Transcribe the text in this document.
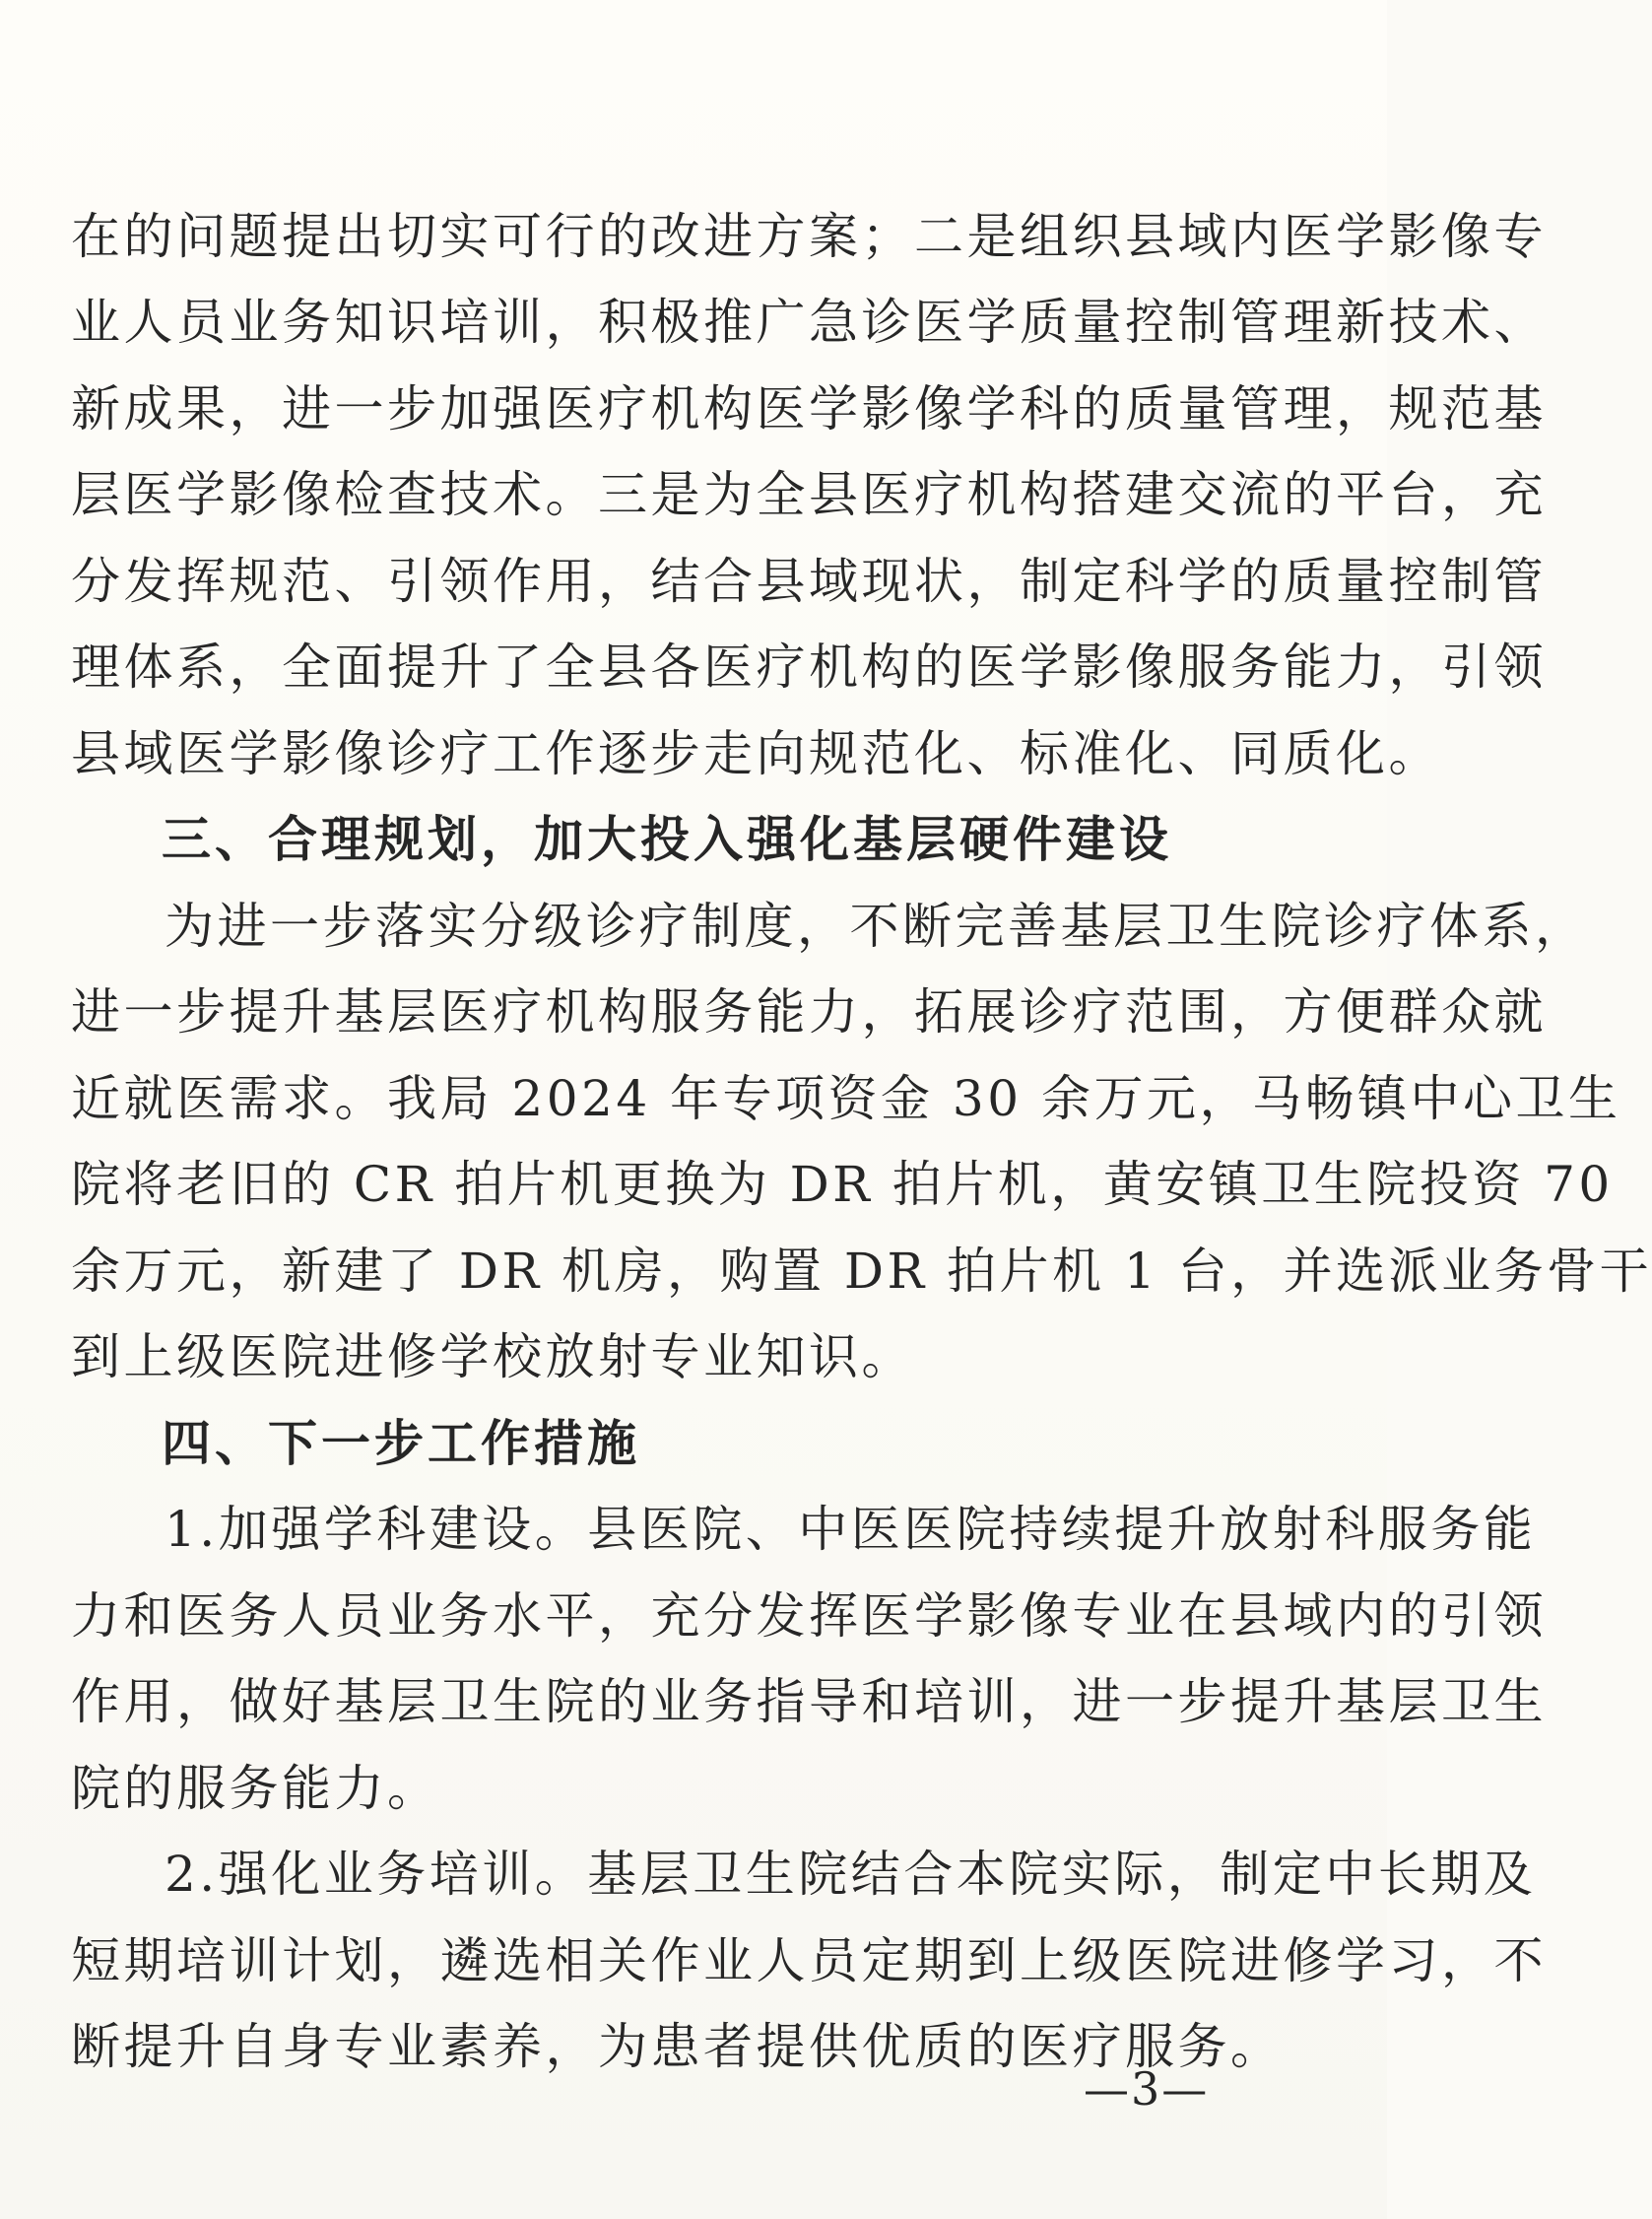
在的问题提出切实可行的改进方案；二是组织县域内医学影像专
业人员业务知识培训，积极推广急诊医学质量控制管理新技术、
新成果，进一步加强医疗机构医学影像学科的质量管理，规范基
层医学影像检查技术。三是为全县医疗机构搭建交流的平台，充
分发挥规范、引领作用，结合县域现状，制定科学的质量控制管
理体系，全面提升了全县各医疗机构的医学影像服务能力，引领
县域医学影像诊疗工作逐步走向规范化、标准化、同质化。
三、合理规划，加大投入强化基层硬件建设
为进一步落实分级诊疗制度，不断完善基层卫生院诊疗体系，
进一步提升基层医疗机构服务能力，拓展诊疗范围，方便群众就
近就医需求。我局 2024 年专项资金 30 余万元，马畅镇中心卫生
院将老旧的 CR 拍片机更换为 DR 拍片机，黄安镇卫生院投资 70
余万元，新建了 DR 机房，购置 DR 拍片机 1 台，并选派业务骨干
到上级医院进修学校放射专业知识。
四、下一步工作措施
1.加强学科建设。县医院、中医医院持续提升放射科服务能
力和医务人员业务水平，充分发挥医学影像专业在县域内的引领
作用，做好基层卫生院的业务指导和培训，进一步提升基层卫生
院的服务能力。
2.强化业务培训。基层卫生院结合本院实际，制定中长期及
短期培训计划，遴选相关作业人员定期到上级医院进修学习，不
断提升自身专业素养，为患者提供优质的医疗服务。
—3—
